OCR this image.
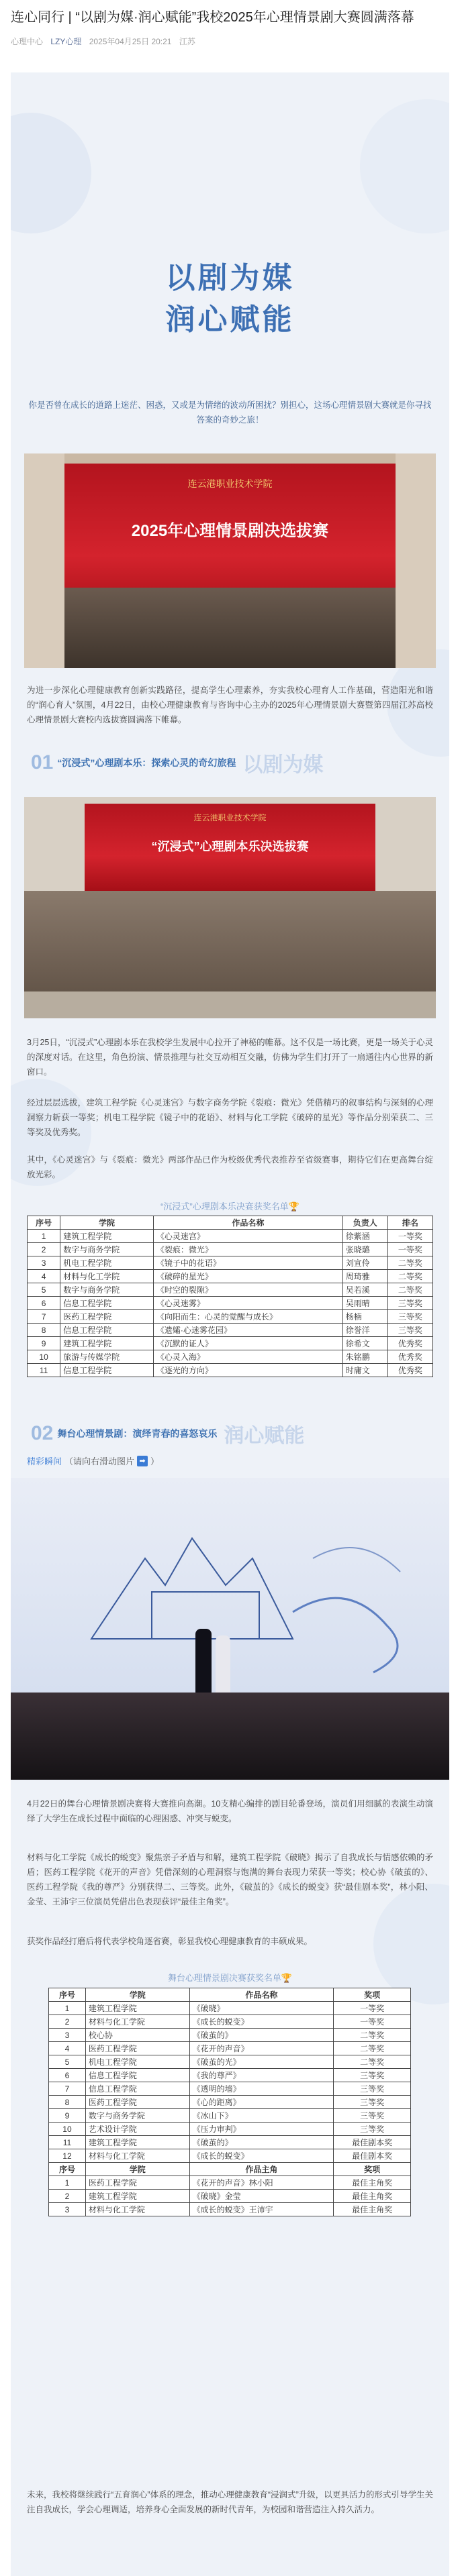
连心同行 | “以剧为媒·润心赋能”我校2025年心理情景剧大赛圆满落幕
心理中心 LZY心理 2025年04月25日 20:21 江苏
以剧为媒
润心赋能
你是否曾在成长的道路上迷茫、困惑，又或是为情绪的波动所困扰？别担心，这场心理情景剧大赛就是你寻找答案的奇妙之旅！
连云港职业技术学院
2025年心理情景剧决选拔赛
为进一步深化心理健康教育创新实践路径，提高学生心理素养，夯实我校心理育人工作基础，营造阳光和谐的“润心育人”氛围，4月22日，由校心理健康教育与咨询中心主办的2025年心理情景剧大赛暨第四届江苏高校心理情景剧大赛校内选拔赛圆满落下帷幕。
01 “沉浸式”心理剧本乐：探索心灵的奇幻旅程 以剧为媒
连云港职业技术学院
“沉浸式”心理剧本乐决选拔赛
3月25日，“沉浸式”心理剧本乐在我校学生发展中心拉开了神秘的帷幕。这不仅是一场比赛，更是一场关于心灵的深度对话。在这里，角色扮演、情景推理与社交互动相互交融，仿佛为学生们打开了一扇通往内心世界的新窗口。
经过层层选拔，建筑工程学院《心灵迷宫》与数字商务学院《裂痕：微光》凭借精巧的叙事结构与深刻的心理洞察力斩获一等奖；机电工程学院《镜子中的花语》、材料与化工学院《破碎的星光》等作品分别荣获二、三等奖及优秀奖。
其中，《心灵迷宫》与《裂痕：微光》两部作品已作为校级优秀代表推荐至省级赛事，期待它们在更高舞台绽放光彩。
“沉浸式”心理剧本乐决赛获奖名单🏆
序号	学院	作品名称	负责人	排名
1	建筑工程学院	《心灵迷宫》	徐紫涵	一等奖
2	数字与商务学院	《裂痕：微光》	张晓璐	一等奖
3	机电工程学院	《镜子中的花语》	刘宣伶	二等奖
4	材料与化工学院	《破碎的星光》	周琦雅	二等奖
5	数字与商务学院	《时空的裂隙》	吴若溪	二等奖
6	信息工程学院	《心灵迷雾》	吴雨晴	三等奖
7	医药工程学院	《向阳而生：心灵的觉醒与成长》	杨楠	三等奖
8	信息工程学院	《遗孀·心迷雾花园》	徐誉洋	三等奖
9	建筑工程学院	《沉默的证人》	徐希文	优秀奖
10	旅游与传媒学院	《心灵入海》	朱铭鹏	优秀奖
11	信息工程学院	《逐光的方向》	时庸文	优秀奖
02 舞台心理情景剧：演绎青春的喜怒哀乐 润心赋能
精彩瞬间 （请向右滑动图片 ➡ ）
4月22日的舞台心理情景剧决赛将大赛推向高潮。10支精心编排的剧目轮番登场，演员们用细腻的表演生动演绎了大学生在成长过程中面临的心理困惑、冲突与蜕变。
材料与化工学院《成长的蜕变》聚焦亲子矛盾与和解，建筑工程学院《破晓》揭示了自我成长与情感依赖的矛盾；医药工程学院《花开的声音》凭借深刻的心理洞察与饱满的舞台表现力荣获一等奖；校心协《破茧的》、医药工程学院《我的尊严》分别获得二、三等奖。此外，《破茧的》《成长的蜕变》获“最佳剧本奖”，林小阳、金莹、王沛宇三位演员凭借出色表现获评“最佳主角奖”。
获奖作品经打磨后将代表学校角逐省赛，彰显我校心理健康教育的丰硕成果。
舞台心理情景剧决赛获奖名单🏆
序号	学院	作品名称	奖项
1	建筑工程学院	《破晓》	一等奖
2	材料与化工学院	《成长的蜕变》	一等奖
3	校心协	《破茧的》	二等奖
4	医药工程学院	《花开的声音》	二等奖
5	机电工程学院	《破茧的光》	二等奖
6	信息工程学院	《我的尊严》	三等奖
7	信息工程学院	《透明的墙》	三等奖
8	医药工程学院	《心的距离》	三等奖
9	数字与商务学院	《冰山下》	三等奖
10	艺术设计学院	《压力审判》	三等奖
11	建筑工程学院	《破茧的》	最佳剧本奖
12	材料与化工学院	《成长的蜕变》	最佳剧本奖
序号	学院	作品主角	奖项
1	医药工程学院	《花开的声音》林小阳	最佳主角奖
2	建筑工程学院	《破晓》金莹	最佳主角奖
3	材料与化工学院	《成长的蜕变》王沛宇	最佳主角奖
未来，我校将继续践行“五育润心”体系的理念，推动心理健康教育“浸润式”升级，以更具活力的形式引导学生关注自我成长，学会心理调适，培养身心全面发展的新时代青年，为校园和谐营造注入持久活力。
